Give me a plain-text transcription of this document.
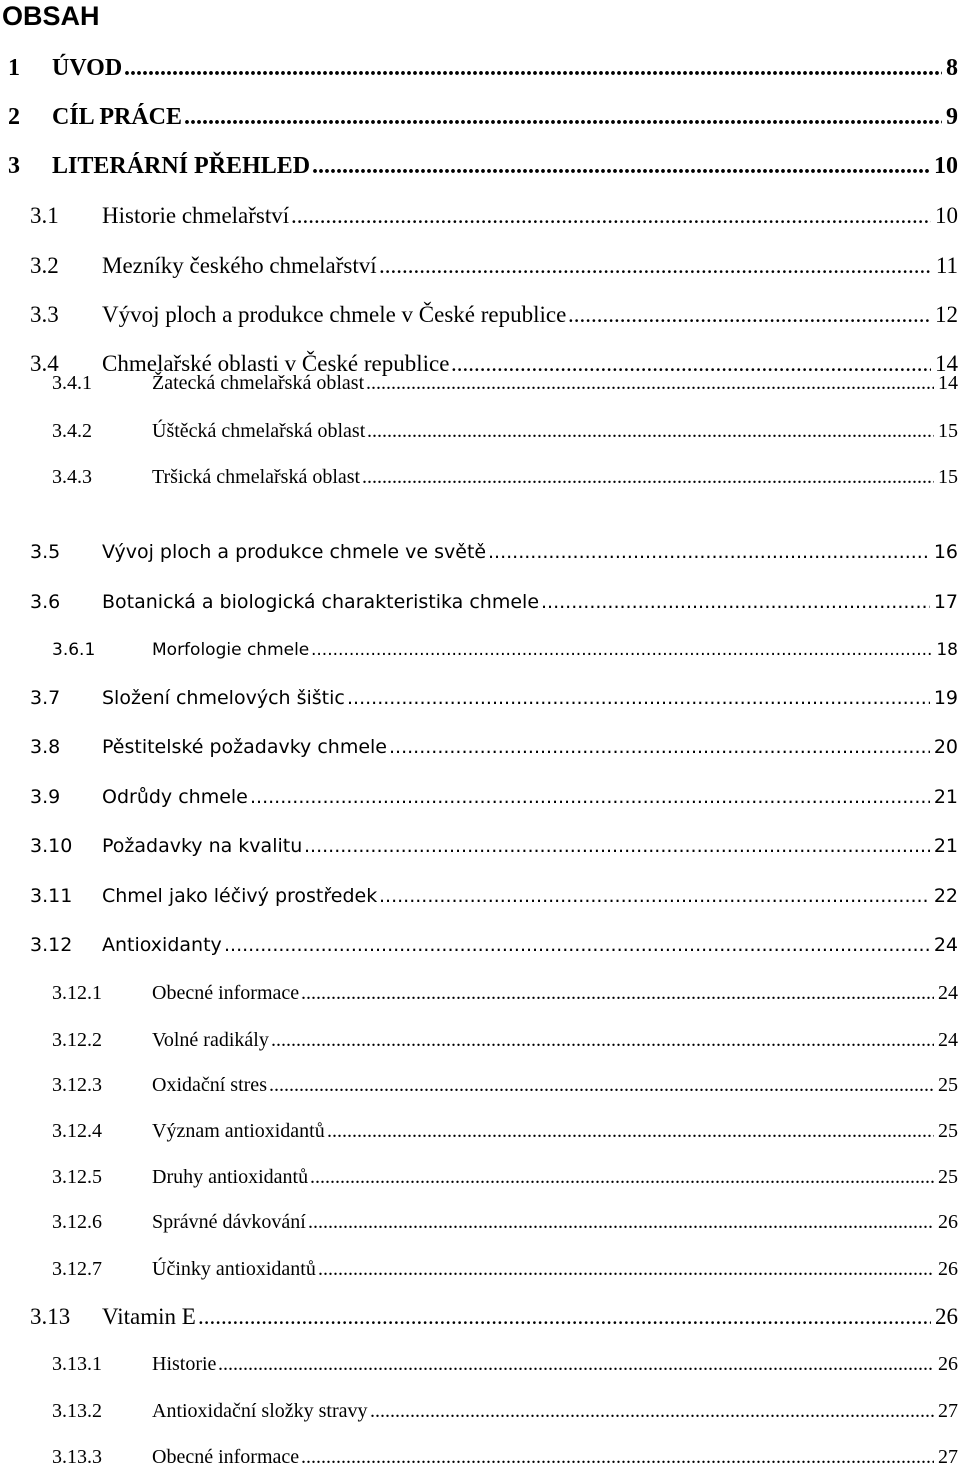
OBSAH
1 ÚVOD .....	8
2 CÍL PRÁCE .....	9
3 LITERÁRNÍ PŘEHLED .....	10
3.1 Historie chmelařství .....	10
3.2 Mezníky českého chmelařství .....	11
3.3 Vývoj ploch a produkce chmele v České republice .....	12
3.4 Chmelařské oblasti v České republice .....	14
3.4.1	Žatecká chmelařská oblast .....	14
3.4.2	Úštěcká chmelařská oblast .....	15
3.4.3	Tršická chmelařská oblast .....	15
3.5 Vývoj ploch a produkce chmele ve světě .....	16
3.6 Botanická a biologická charakteristika chmele .....	17
3.6.1	Morfologie chmele .....	18
3.7 Složení chmelových šištic .....	19
3.8 Pěstitelské požadavky chmele .....	20
3.9 Odrůdy chmele .....	21
3.10 Požadavky na kvalitu .....	21
3.11 Chmel jako léčivý prostředek .....	22
3.12 Antioxidanty .....	24
3.12.1	Obecné informace .....	24
3.12.2	Volné radikály .....	24
3.12.3	Oxidační stres .....	25
3.12.4	Význam antioxidantů .....	25
3.12.5	Druhy antioxidantů .....	25
3.12.6	Správné dávkování .....	26
3.12.7	Účinky antioxidantů .....	26
3.13 Vitamin E .....	26
3.13.1	Historie .....	26
3.13.2	Antioxidační složky stravy .....	27
3.13.3	Obecné informace .....	27
